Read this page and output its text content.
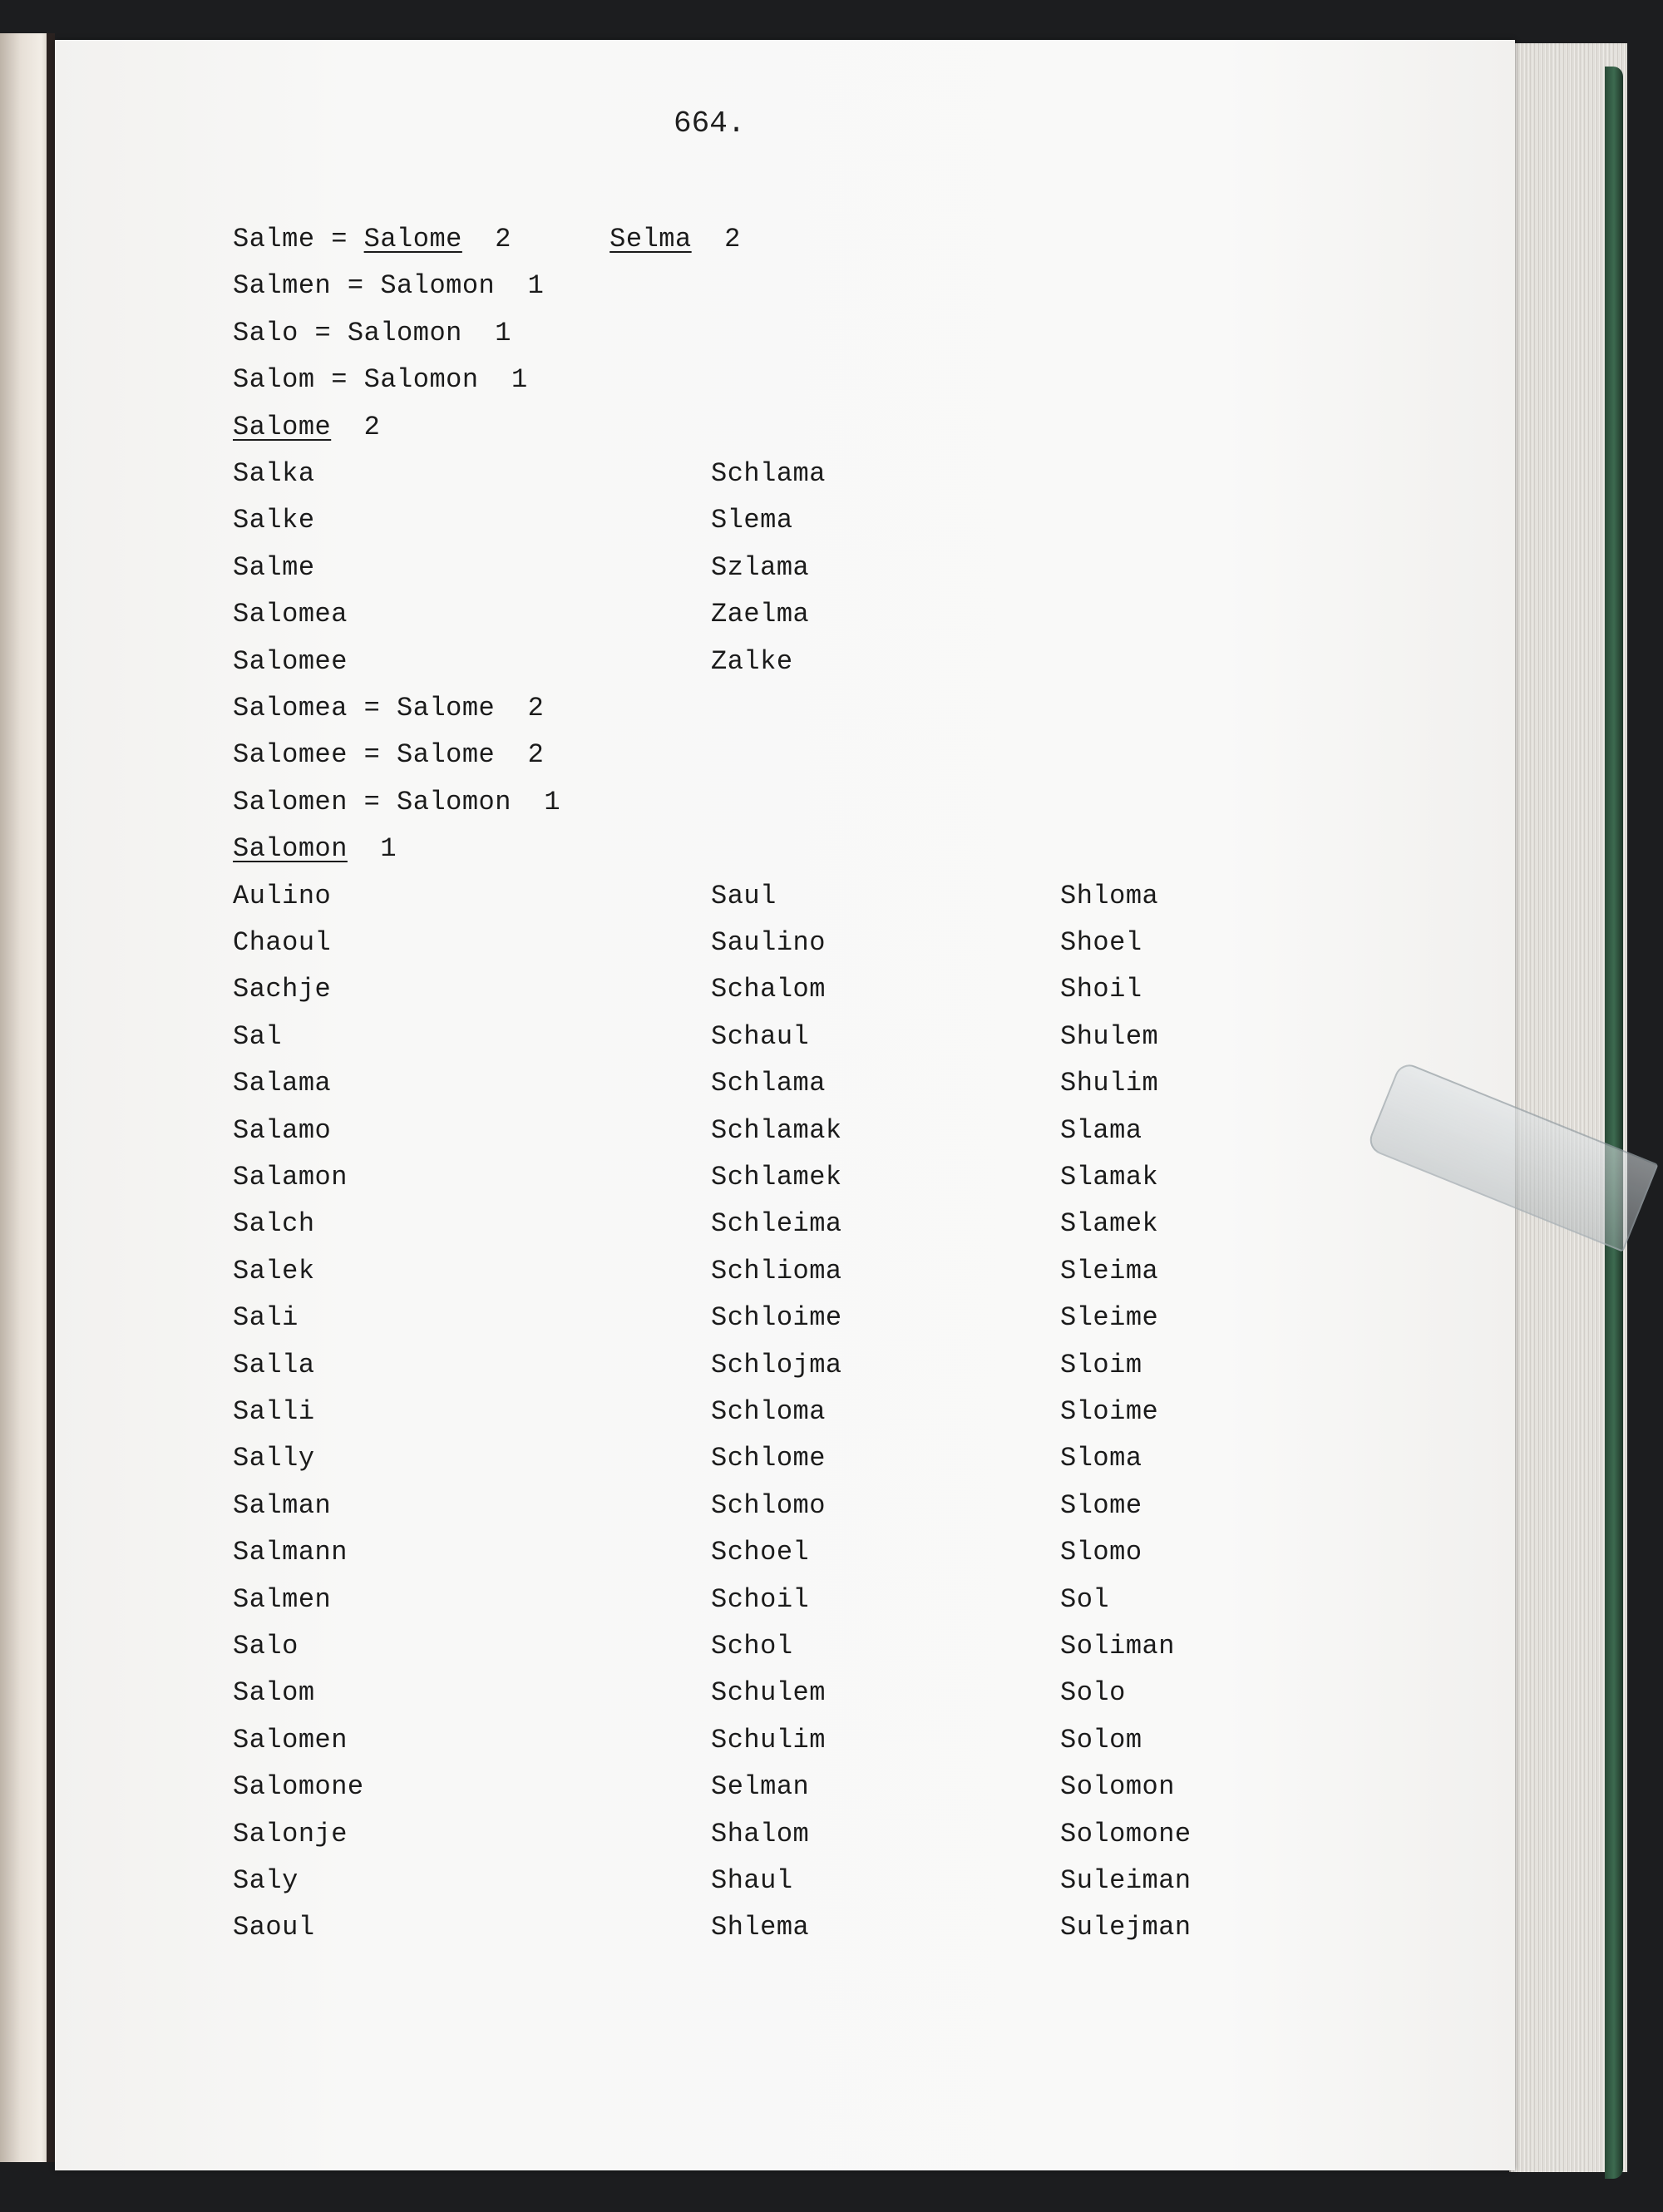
664.
Salme = Salome  2      Selma  2
Salmen = Salomon  1
Salo = Salomon  1
Salom = Salomon  1
Salome  2
Salka
Salke
Salme
Salomea
Salomee
Schlama
Slema
Szlama
Zaelma
Zalke
Salomea = Salome  2
Salomee = Salome  2
Salomen = Salomon  1
Salomon  1
Aulino
Chaoul
Sachje
Sal
Salama
Salamo
Salamon
Salch
Salek
Sali
Salla
Salli
Sally
Salman
Salmann
Salmen
Salo
Salom
Salomen
Salomone
Salonje
Saly
Saoul
Saul
Saulino
Schalom
Schaul
Schlama
Schlamak
Schlamek
Schleima
Schlioma
Schloime
Schlojma
Schloma
Schlome
Schlomo
Schoel
Schoil
Schol
Schulem
Schulim
Selman
Shalom
Shaul
Shlema
Shloma
Shoel
Shoil
Shulem
Shulim
Slama
Slamak
Slamek
Sleima
Sleime
Sloim
Sloime
Sloma
Slome
Slomo
Sol
Soliman
Solo
Solom
Solomon
Solomone
Suleiman
Sulejman
